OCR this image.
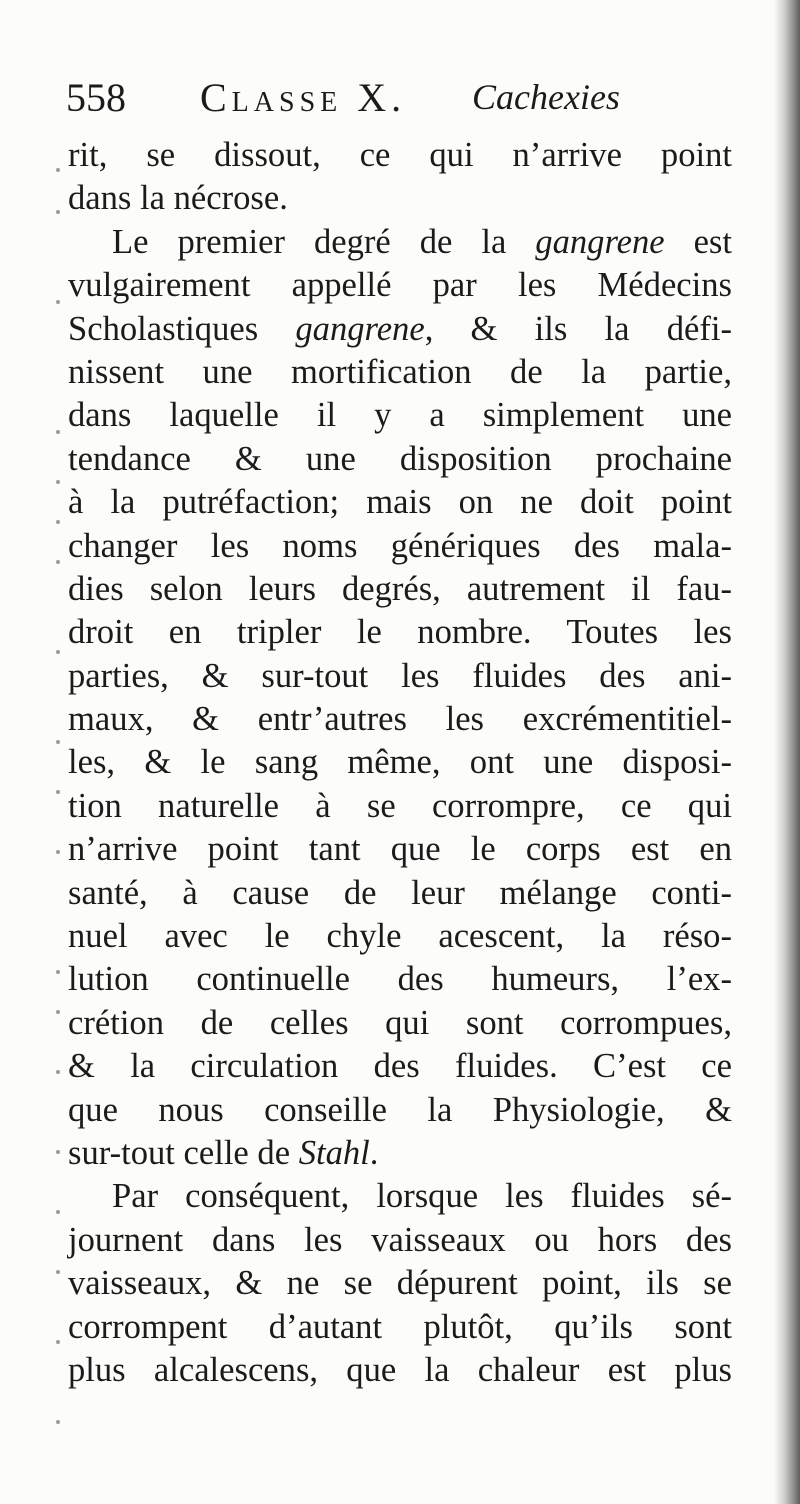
558 Classe X. Cachexies
rit, se dissout, ce qui n’arrive point
dans la nécrose.
Le premier degré de la gangrene est
vulgairement appellé par les Médecins
Scholastiques gangrene, & ils la défi-
nissent une mortification de la partie,
dans laquelle il y a simplement une
tendance & une disposition prochaine
à la putréfaction; mais on ne doit point
changer les noms génériques des mala-
dies selon leurs degrés, autrement il fau-
droit en tripler le nombre. Toutes les
parties, & sur-tout les fluides des ani-
maux, & entr’autres les excrémentitiel-
les, & le sang même, ont une disposi-
tion naturelle à se corrompre, ce qui
n’arrive point tant que le corps est en
santé, à cause de leur mélange conti-
nuel avec le chyle acescent, la réso-
lution continuelle des humeurs, l’ex-
crétion de celles qui sont corrompues,
& la circulation des fluides. C’est ce
que nous conseille la Physiologie, &
sur-tout celle de Stahl.
Par conséquent, lorsque les fluides sé-
journent dans les vaisseaux ou hors des
vaisseaux, & ne se dépurent point, ils se
corrompent d’autant plutôt, qu’ils sont
plus alcalescens, que la chaleur est plus
